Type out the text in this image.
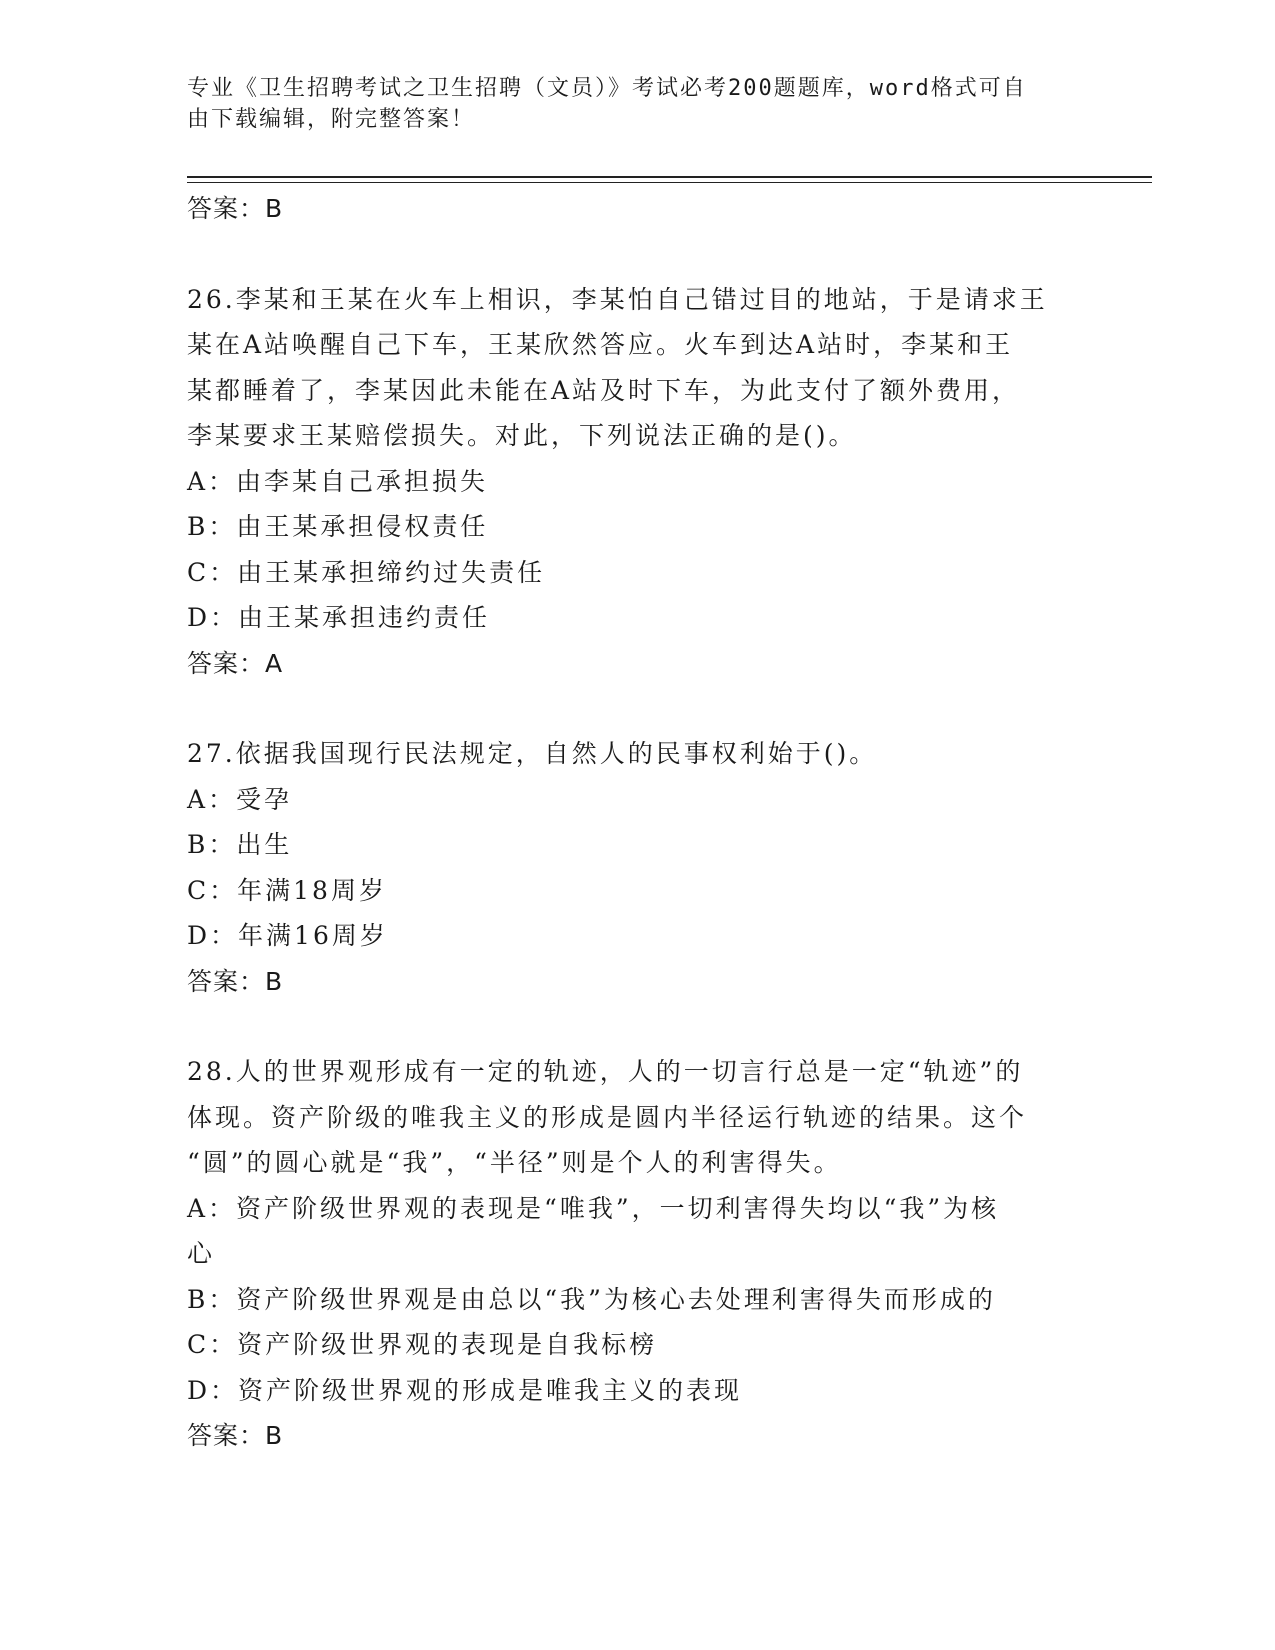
专业《卫生招聘考试之卫生招聘（文员）》考试必考200题题库，word格式可自
由下载编辑，附完整答案！
答案：B
26.李某和王某在火车上相识，李某怕自己错过目的地站，于是请求王
某在A站唤醒自己下车，王某欣然答应。火车到达A站时，李某和王
某都睡着了，李某因此未能在A站及时下车，为此支付了额外费用，
李某要求王某赔偿损失。对此，下列说法正确的是()。
A：由李某自己承担损失
B：由王某承担侵权责任
C：由王某承担缔约过失责任
D：由王某承担违约责任
答案：A
27.依据我国现行民法规定，自然人的民事权利始于()。
A：受孕
B：出生
C：年满18周岁
D：年满16周岁
答案：B
28.人的世界观形成有一定的轨迹，人的一切言行总是一定“轨迹”的
体现。资产阶级的唯我主义的形成是圆内半径运行轨迹的结果。这个
“圆”的圆心就是“我”，“半径”则是个人的利害得失。
A：资产阶级世界观的表现是“唯我”，一切利害得失均以“我”为核
心
B：资产阶级世界观是由总以“我”为核心去处理利害得失而形成的
C：资产阶级世界观的表现是自我标榜
D：资产阶级世界观的形成是唯我主义的表现
答案：B
